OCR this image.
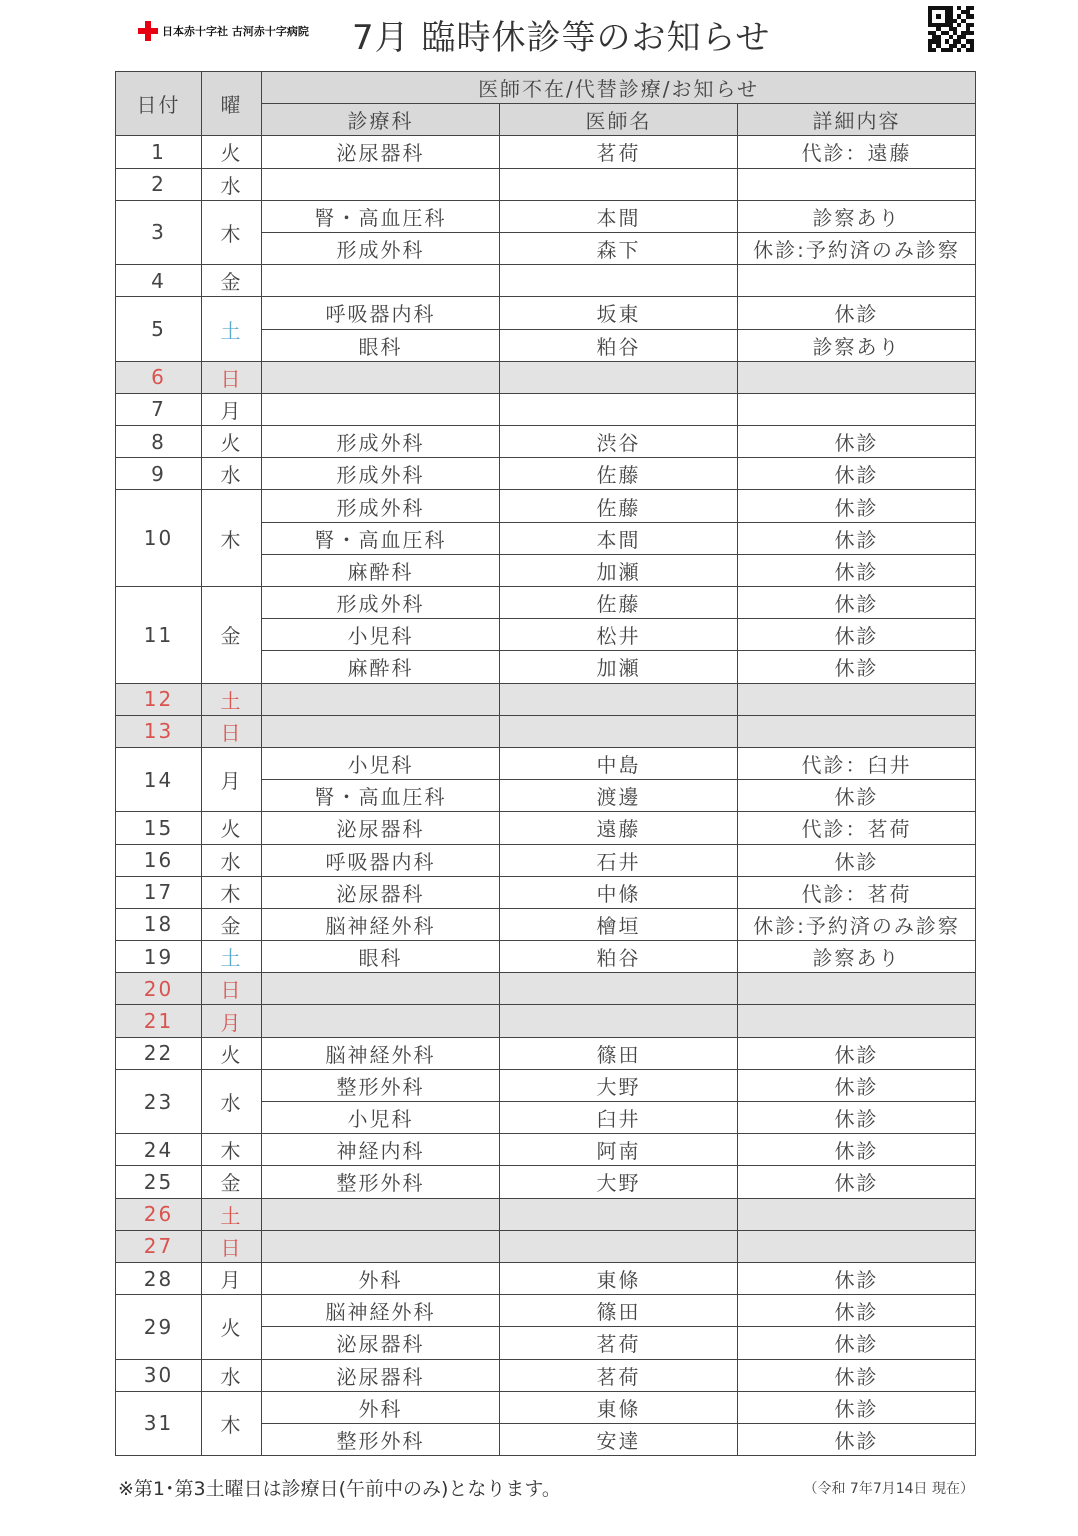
日本赤十字社 古河赤十字病院 7月 臨時休診等のお知らせ
日付	曜	医師不在/代替診療/お知らせ		
		診療科	医師名	詳細内容
1	火	泌尿器科	茗荷	代診：遠藤
2	水			
3	木	腎・高血圧科	本間	診察あり
		形成外科	森下	休診:予約済のみ診察
4	金			
5	土	呼吸器内科	坂東	休診
		眼科	粕谷	診察あり
6	日			
7	月			
8	火	形成外科	渋谷	休診
9	水	形成外科	佐藤	休診
10	木	形成外科	佐藤	休診
		腎・高血圧科	本間	休診
		麻酔科	加瀬	休診
11	金	形成外科	佐藤	休診
		小児科	松井	休診
		麻酔科	加瀬	休診
12	土			
13	日			
14	月	小児科	中島	代診：臼井
		腎・高血圧科	渡邊	休診
15	火	泌尿器科	遠藤	代診：茗荷
16	水	呼吸器内科	石井	休診
17	木	泌尿器科	中條	代診：茗荷
18	金	脳神経外科	檜垣	休診:予約済のみ診察
19	土	眼科	粕谷	診察あり
20	日			
21	月			
22	火	脳神経外科	篠田	休診
23	水	整形外科	大野	休診
		小児科	臼井	休診
24	木	神経内科	阿南	休診
25	金	整形外科	大野	休診
26	土			
27	日			
28	月	外科	東條	休診
29	火	脳神経外科	篠田	休診
		泌尿器科	茗荷	休診
30	水	泌尿器科	茗荷	休診
31	木	外科	東條	休診
		整形外科	安達	休診
※第1･第3土曜日は診療日(午前中のみ)となります。	（令和 7年7月14日 現在）
